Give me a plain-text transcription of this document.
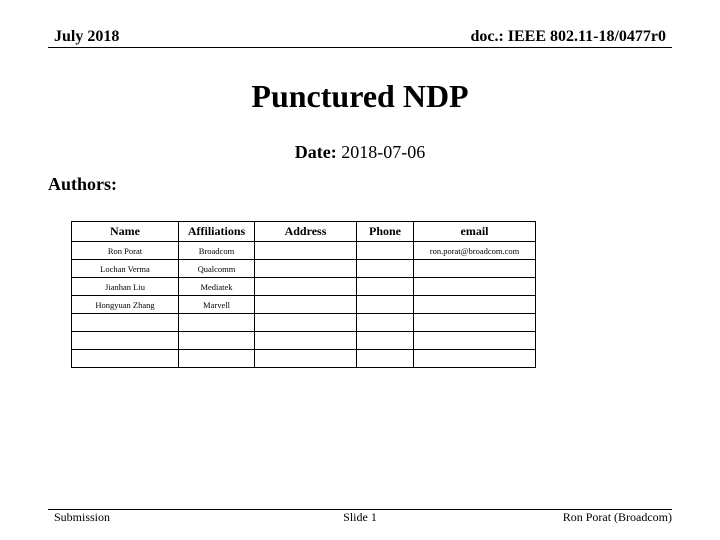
July 2018	doc.: IEEE 802.11-18/0477r0
Punctured NDP
Date: 2018-07-06
Authors:
Name	Affiliations	Address	Phone	email
Ron Porat	Broadcom			ron.porat@broadcom.com
Lochan Verma	Qualcomm			
Jianhan Liu	Mediatek			
Hongyuan Zhang	Marvell			

Submission	Slide 1	Ron Porat (Broadcom)
